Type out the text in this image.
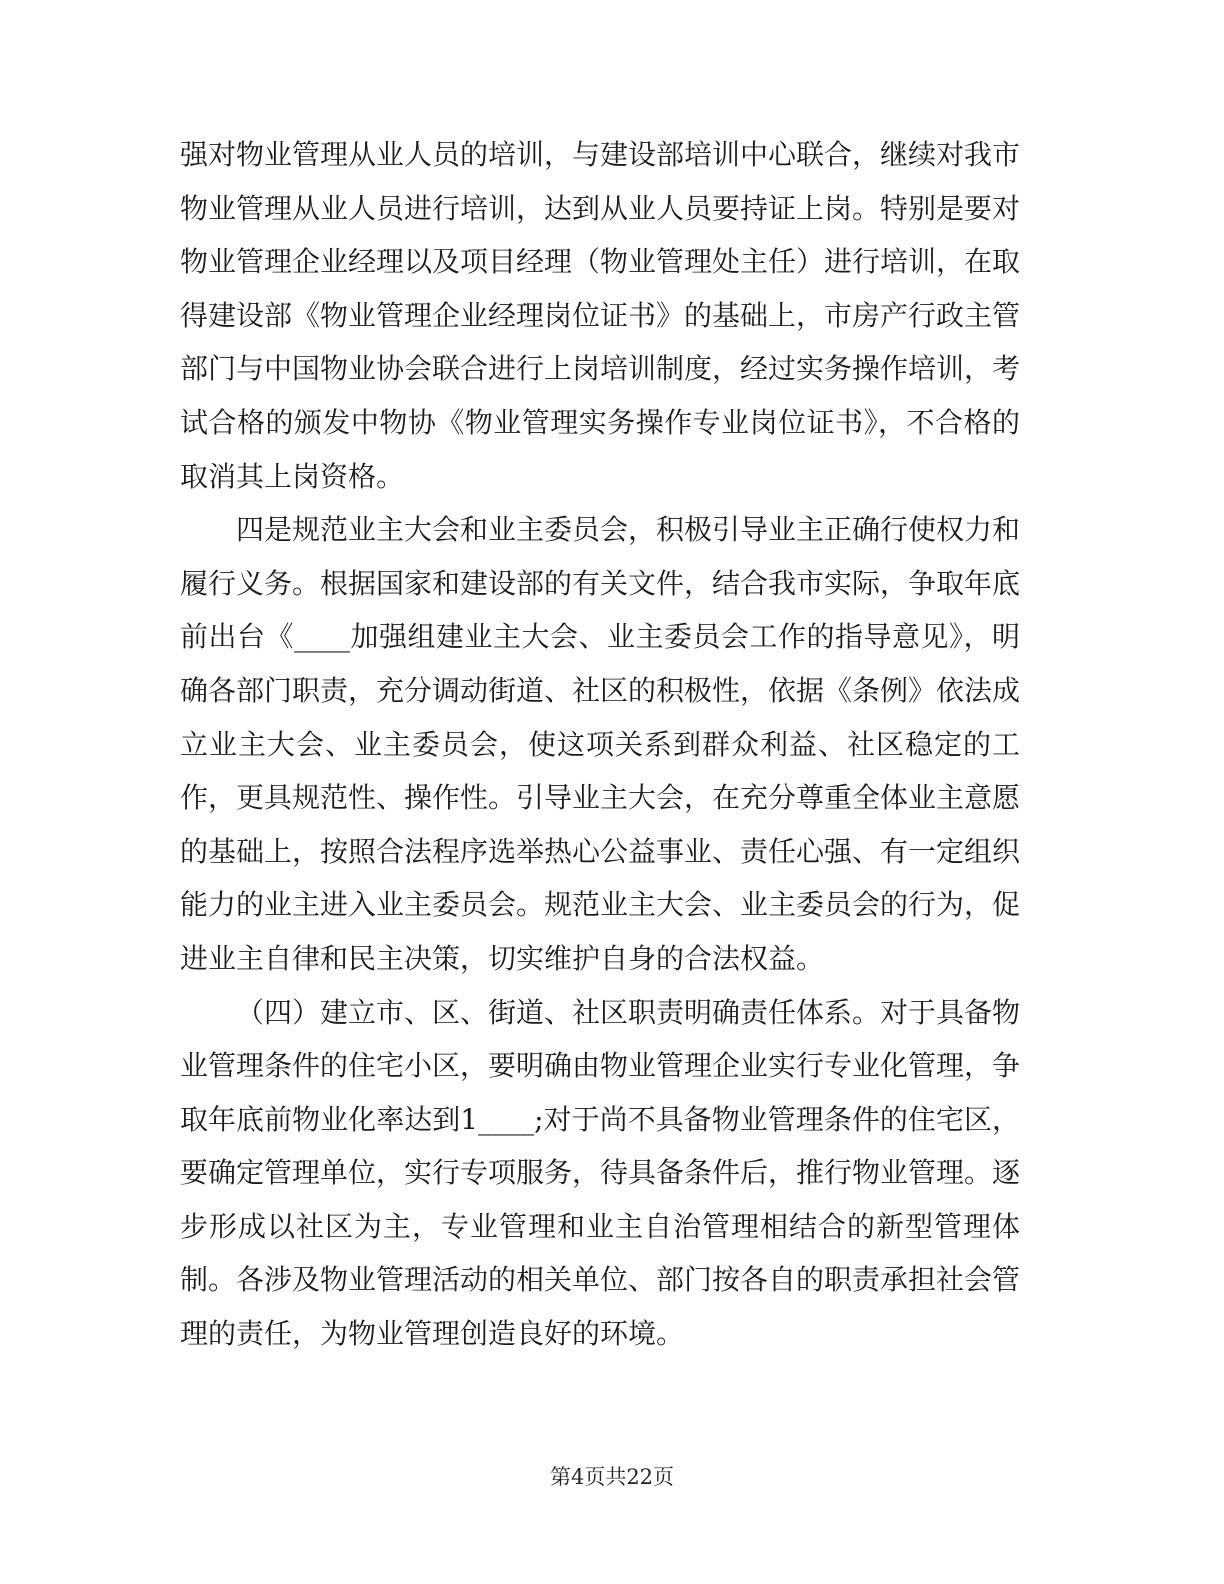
强对物业管理从业人员的培训，与建设部培训中心联合，继续对我市物业管理从业人员进行培训，达到从业人员要持证上岗。特别是要对物业管理企业经理以及项目经理（物业管理处主任）进行培训，在取得建设部《物业管理企业经理岗位证书》的基础上，市房产行政主管部门与中国物业协会联合进行上岗培训制度，经过实务操作培训，考试合格的颁发中物协《物业管理实务操作专业岗位证书》，不合格的取消其上岗资格。

四是规范业主大会和业主委员会，积极引导业主正确行使权力和履行义务。根据国家和建设部的有关文件，结合我市实际，争取年底前出台《____加强组建业主大会、业主委员会工作的指导意见》，明确各部门职责，充分调动街道、社区的积极性，依据《条例》依法成立业主大会、业主委员会，使这项关系到群众利益、社区稳定的工作，更具规范性、操作性。引导业主大会，在充分尊重全体业主意愿的基础上，按照合法程序选举热心公益事业、责任心强、有一定组织能力的业主进入业主委员会。规范业主大会、业主委员会的行为，促进业主自律和民主决策，切实维护自身的合法权益。

（四）建立市、区、街道、社区职责明确责任体系。对于具备物业管理条件的住宅小区，要明确由物业管理企业实行专业化管理，争取年底前物业化率达到1____;对于尚不具备物业管理条件的住宅区，要确定管理单位，实行专项服务，待具备条件后，推行物业管理。逐步形成以社区为主，专业管理和业主自治管理相结合的新型管理体制。各涉及物业管理活动的相关单位、部门按各自的职责承担社会管理的责任，为物业管理创造良好的环境。

第4页共22页
